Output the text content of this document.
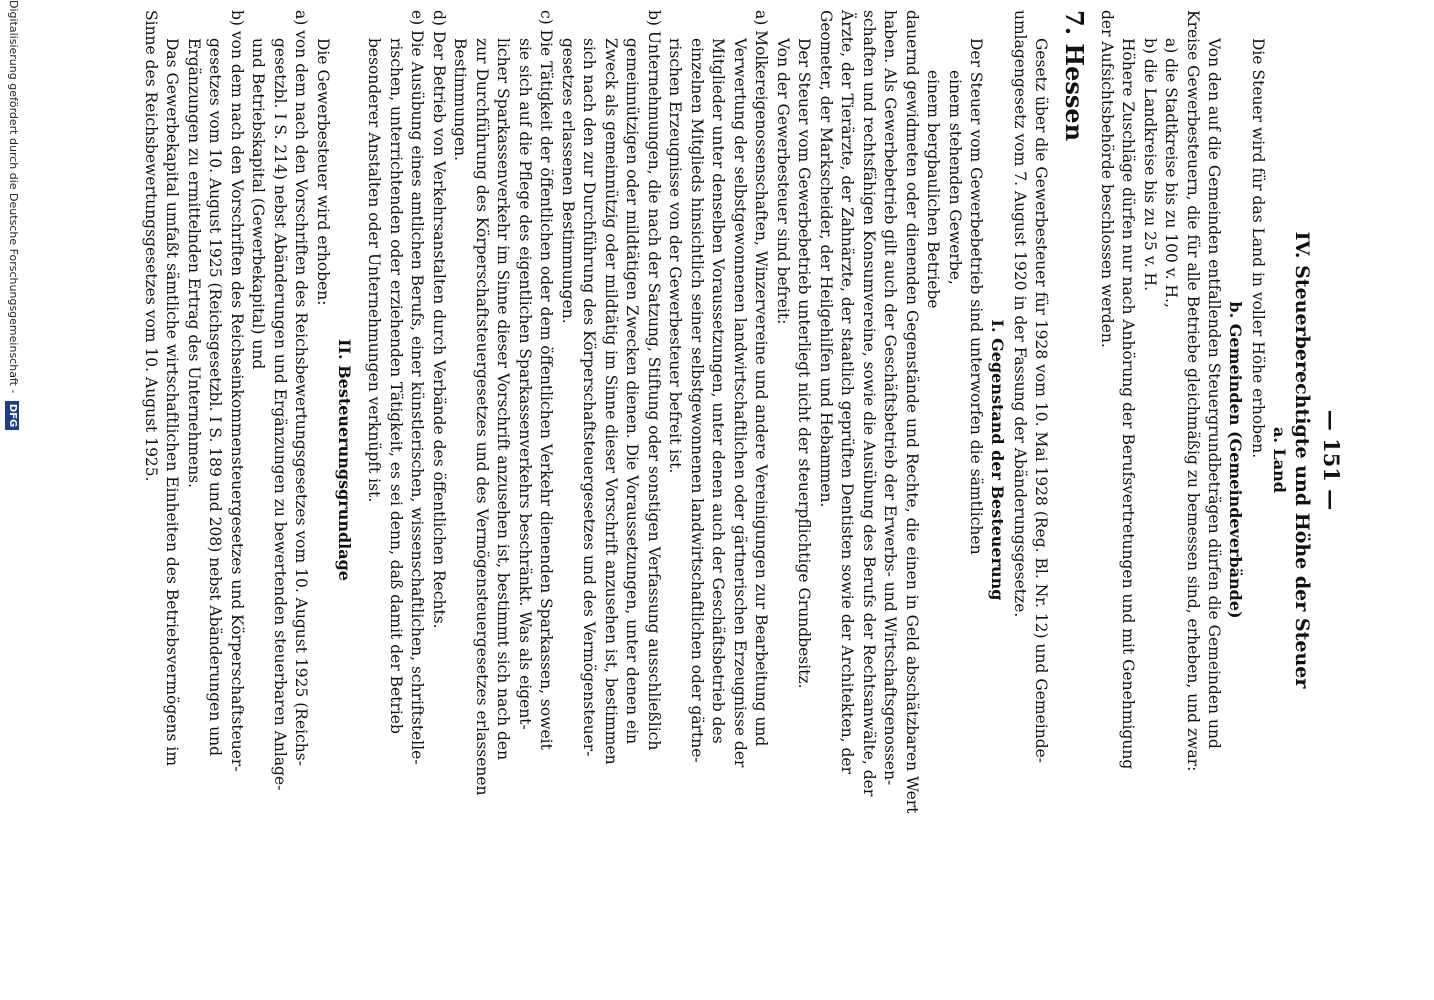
— 151 —
IV. Steuerberechtigte und Höhe der Steuer
a. Land
Die Steuer wird für das Land in voller Höhe erhoben.
b. Gemeinden (Gemeindeverbände)
Von den auf die Gemeinden entfallenden Steuergrundbeträgen dürfen die Gemeinden und
Kreise Gewerbesteuern, die für alle Betriebe gleichmäßig zu bemessen sind, erheben, und zwar:
a) die Stadtkreise bis zu 100 v. H.,
b) die Landkreise bis zu 25 v. H.
Höhere Zuschläge dürfen nur nach Anhörung der Berufsvertretungen und mit Genehmigung
der Aufsichtsbehörde beschlossen werden.
7. Hessen
Gesetz über die Gewerbesteuer für 1928 vom 10. Mai 1928 (Reg. Bl. Nr. 12) und Gemeinde-
umlagengesetz vom 7. August 1920 in der Fassung der Abänderungsgesetze.
I. Gegenstand der Besteuerung
Der Steuer vom Gewerbebetrieb sind unterworfen die sämtlichen
einem stehenden Gewerbe,
einem bergbaulichen Betriebe
dauernd gewidmeten oder dienenden Gegenstände und Rechte, die einen in Geld abschätzbaren Wert
haben. Als Gewerbebetrieb gilt auch der Geschäftsbetrieb der Erwerbs- und Wirtschaftsgenossen-
schaften und rechtsfähigen Konsumvereine, sowie die Ausübung des Berufs der Rechtsanwälte, der
Ärzte, der Tierärzte, der Zahnärzte, der staatlich geprüften Dentisten sowie der Architekten, der
Geometer, der Markscheider, der Heilgehilfen und Hebammen.
Der Steuer vom Gewerbebetrieb unterliegt nicht der steuerpflichtige Grundbesitz.
Von der Gewerbesteuer sind befreit:
a) Molkereigenossenschaften, Winzervereine und andere Vereinigungen zur Bearbeitung und
Verwertung der selbstgewonnenen landwirtschaftlichen oder gärtnerischen Erzeugnisse der
Mitglieder unter denselben Voraussetzungen, unter denen auch der Geschäftsbetrieb des
einzelnen Mitglieds hinsichtlich seiner selbstgewonnenen landwirtschaftlichen oder gärtne-
rischen Erzeugnisse von der Gewerbesteuer befreit ist.
b) Unternehmungen, die nach der Satzung, Stiftung oder sonstigen Verfassung ausschließlich
gemeinnützigen oder mildtätigen Zwecken dienen. Die Voraussetzungen, unter denen ein
Zweck als gemeinnützig oder mildtätig im Sinne dieser Vorschrift anzusehen ist, bestimmen
sich nach den zur Durchführung des Körperschaftsteuergesetzes und des Vermögensteuer-
gesetzes erlassenen Bestimmungen.
c) Die Tätigkeit der öffentlichen oder dem öffentlichen Verkehr dienenden Sparkassen, soweit
sie sich auf die Pflege des eigentlichen Sparkassenverkehrs beschränkt. Was als eigent-
licher Sparkassenverkehr im Sinne dieser Vorschrift anzusehen ist, bestimmt sich nach den
zur Durchführung des Körperschaftsteuergesetzes und des Vermögensteuergesetzes erlassenen
Bestimmungen.
d) Der Betrieb von Verkehrsanstalten durch Verbände des öffentlichen Rechts.
e) Die Ausübung eines amtlichen Berufs, einer künstlerischen, wissenschaftlichen, schriftstelle-
rischen, unterrichtenden oder erziehenden Tätigkeit, es sei denn, daß damit der Betrieb
besonderer Anstalten oder Unternehmungen verknüpft ist.
II. Besteuerungsgrundlage
Die Gewerbesteuer wird erhoben:
a) von dem nach den Vorschriften des Reichsbewertungsgesetzes vom 10. August 1925 (Reichs-
gesetzbl. I S. 214) nebst Abänderungen und Ergänzungen zu bewertenden steuerbaren Anlage-
und Betriebskapital (Gewerbekapital) und
b) von dem nach den Vorschriften des Reichseinkommensteuergesetzes und Körperschaftsteuer-
gesetzes vom 10. August 1925 (Reichsgesetzbl. I S. 189 und 208) nebst Abänderungen und
Ergänzungen zu ermittelnden Ertrag des Unternehmens.
Das Gewerbekapital umfaßt sämtliche wirtschaftlichen Einheiten des Betriebsvermögens im
Sinne des Reichsbewertungsgesetzes vom 10. August 1925.
Digitalisierung gefördert durch die Deutsche Forschungsgemeinschaft - DFG
